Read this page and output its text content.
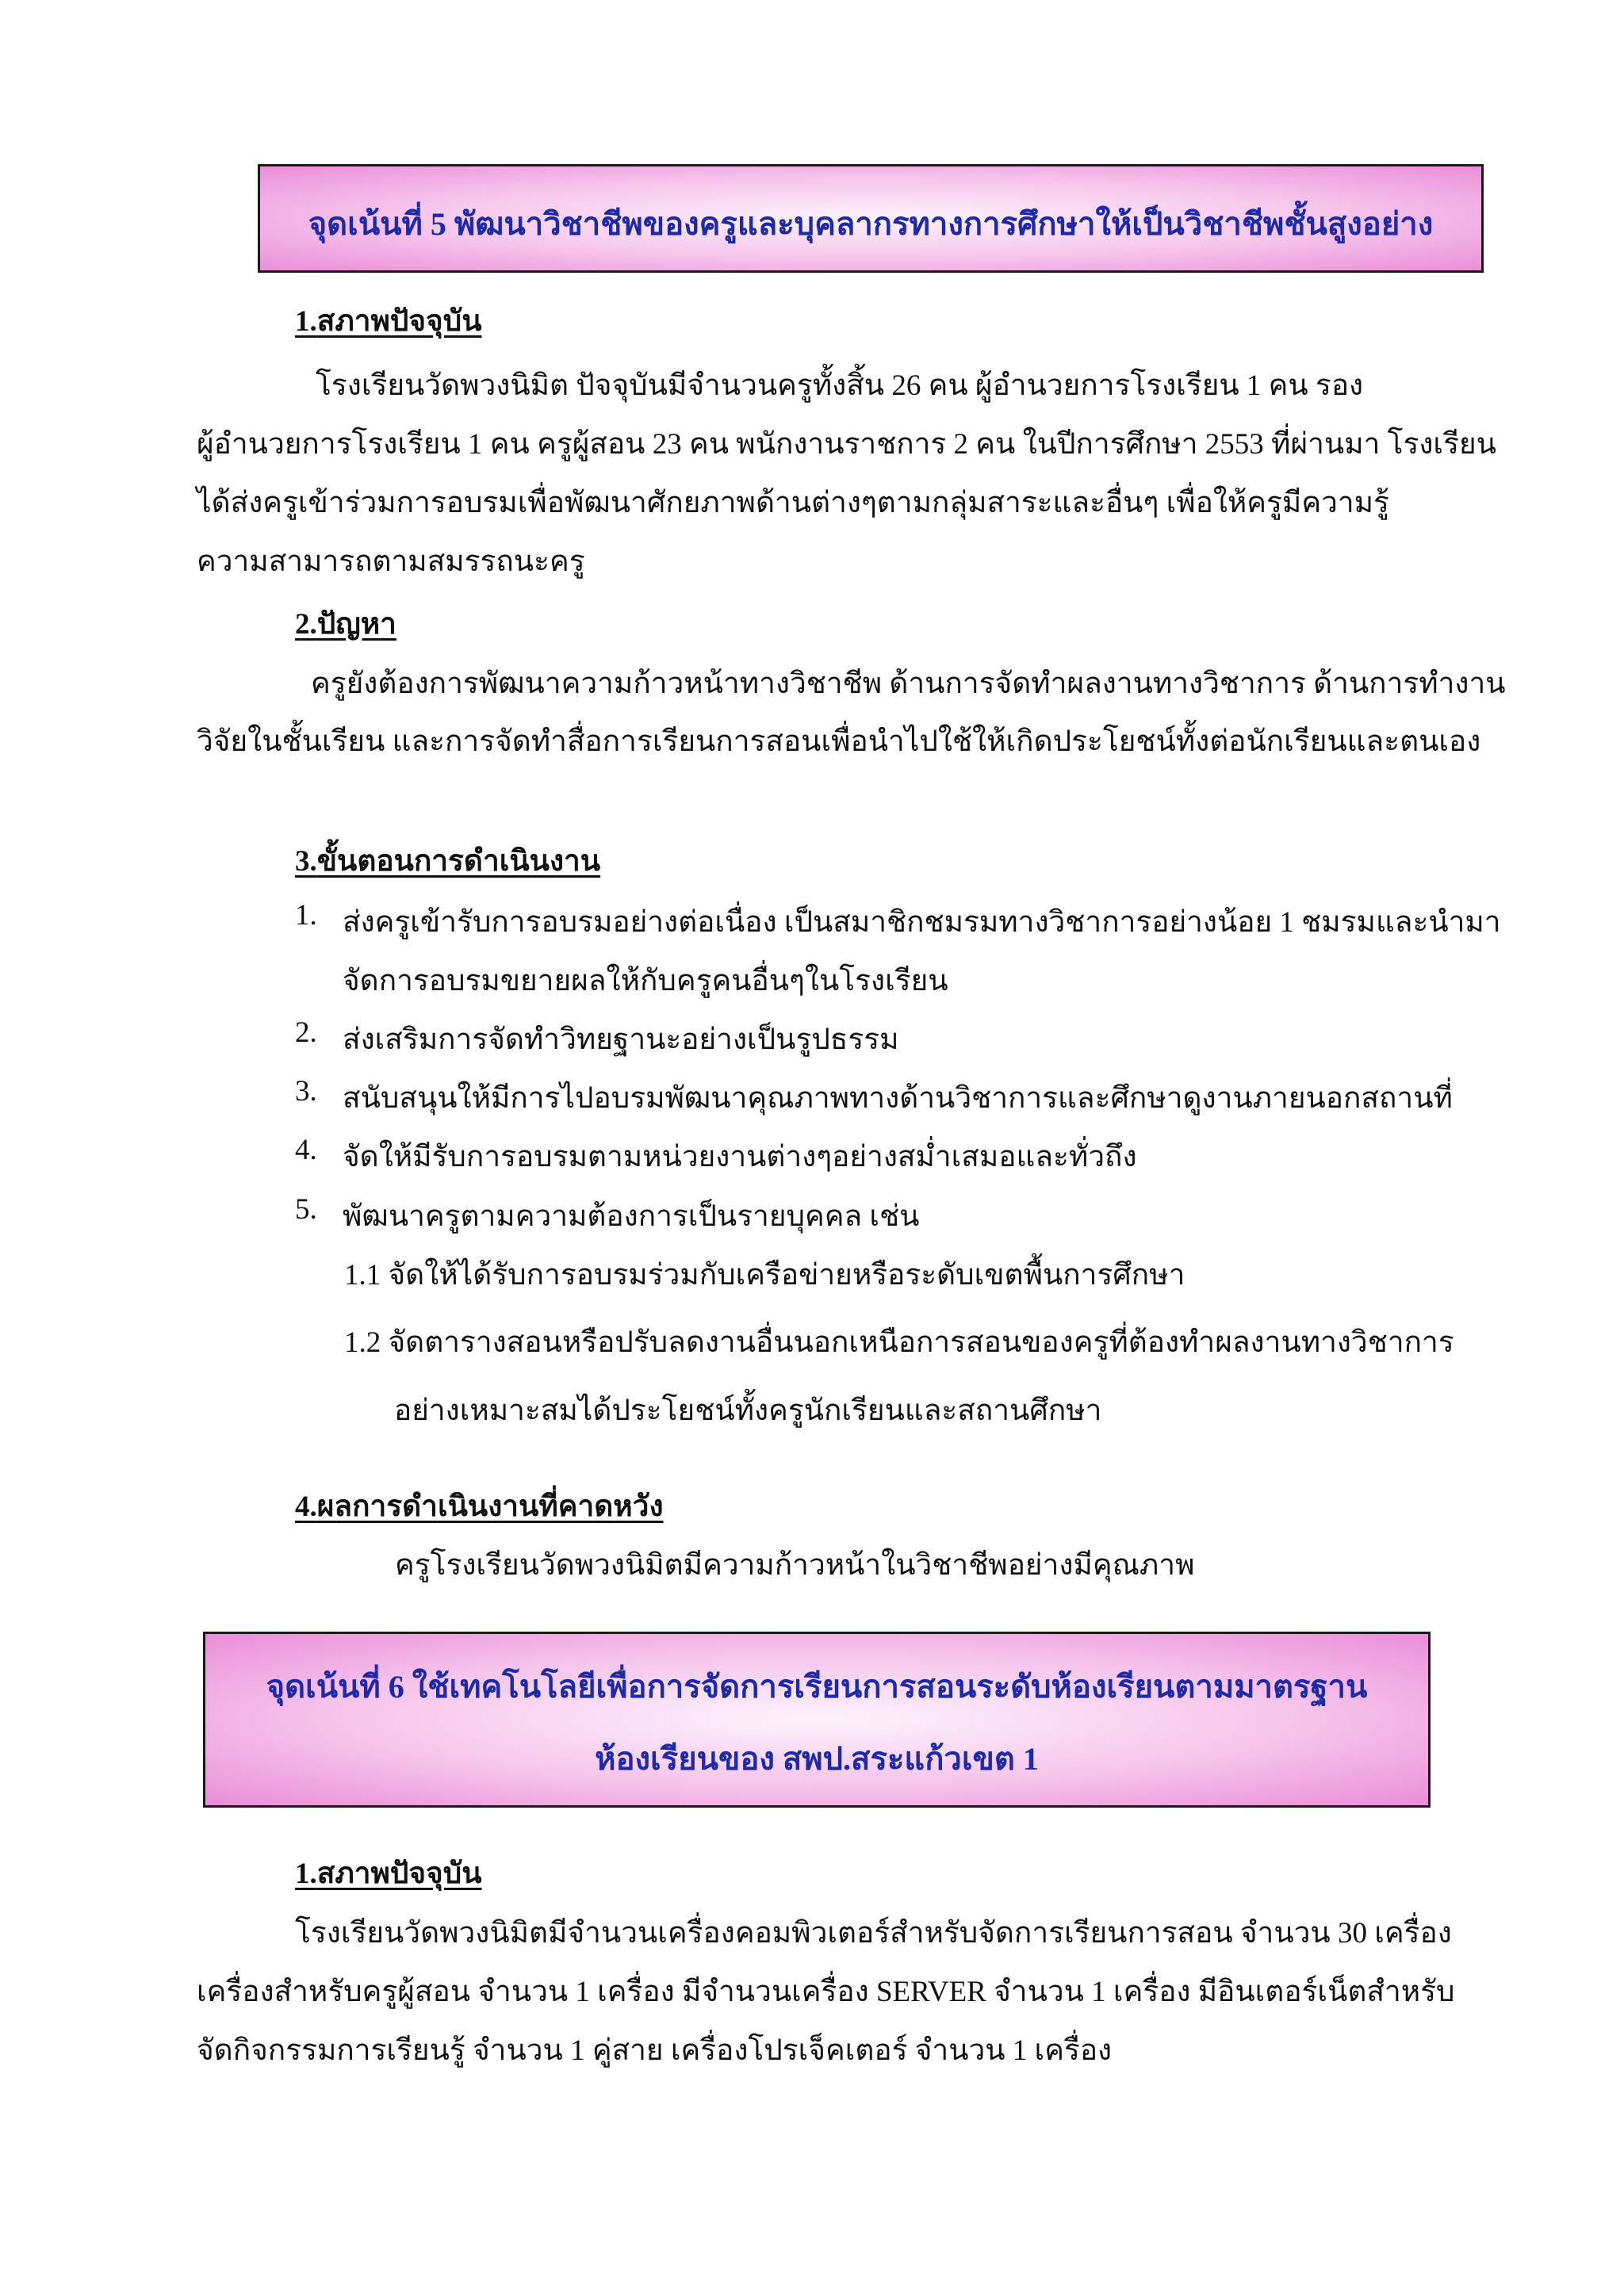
จุดเน้นที่ 5 พัฒนาวิชาชีพของครูและบุคลากรทางการศึกษาให้เป็นวิชาชีพชั้นสูงอย่าง
1.สภาพปัจจุบัน
โรงเรียนวัดพวงนิมิต ปัจจุบันมีจำนวนครูทั้งสิ้น 26 คน ผู้อำนวยการโรงเรียน 1 คน รอง
ผู้อำนวยการโรงเรียน 1 คน ครูผู้สอน 23 คน พนักงานราชการ 2 คน ในปีการศึกษา 2553 ที่ผ่านมา โรงเรียน
ได้ส่งครูเข้าร่วมการอบรมเพื่อพัฒนาศักยภาพด้านต่างๆตามกลุ่มสาระและอื่นๆ เพื่อให้ครูมีความรู้
ความสามารถตามสมรรถนะครู
2.ปัญหา
ครูยังต้องการพัฒนาความก้าวหน้าทางวิชาชีพ ด้านการจัดทำผลงานทางวิชาการ ด้านการทำงาน
วิจัยในชั้นเรียน และการจัดทำสื่อการเรียนการสอนเพื่อนำไปใช้ให้เกิดประโยชน์ทั้งต่อนักเรียนและตนเอง
3.ขั้นตอนการดำเนินงาน
1. ส่งครูเข้ารับการอบรมอย่างต่อเนื่อง เป็นสมาชิกชมรมทางวิชาการอย่างน้อย 1 ชมรมและนำมา
จัดการอบรมขยายผลให้กับครูคนอื่นๆในโรงเรียน
2. ส่งเสริมการจัดทำวิทยฐานะอย่างเป็นรูปธรรม
3. สนับสนุนให้มีการไปอบรมพัฒนาคุณภาพทางด้านวิชาการและศึกษาดูงานภายนอกสถานที่
4. จัดให้มีรับการอบรมตามหน่วยงานต่างๆอย่างสม่ำเสมอและทั่วถึง
5. พัฒนาครูตามความต้องการเป็นรายบุคคล เช่น
1.1 จัดให้ได้รับการอบรมร่วมกับเครือข่ายหรือระดับเขตพื้นการศึกษา
1.2 จัดตารางสอนหรือปรับลดงานอื่นนอกเหนือการสอนของครูที่ต้องทำผลงานทางวิชาการ
อย่างเหมาะสมได้ประโยชน์ทั้งครูนักเรียนและสถานศึกษา
4.ผลการดำเนินงานที่คาดหวัง
ครูโรงเรียนวัดพวงนิมิตมีความก้าวหน้าในวิชาชีพอย่างมีคุณภาพ
จุดเน้นที่ 6 ใช้เทคโนโลยีเพื่อการจัดการเรียนการสอนระดับห้องเรียนตามมาตรฐาน
ห้องเรียนของ สพป.สระแก้วเขต 1
1.สภาพปัจจุบัน
โรงเรียนวัดพวงนิมิตมีจำนวนเครื่องคอมพิวเตอร์สำหรับจัดการเรียนการสอน จำนวน 30 เครื่อง
เครื่องสำหรับครูผู้สอน จำนวน 1 เครื่อง มีจำนวนเครื่อง SERVER จำนวน 1 เครื่อง มีอินเตอร์เน็ตสำหรับ
จัดกิจกรรมการเรียนรู้ จำนวน 1 คู่สาย เครื่องโปรเจ็คเตอร์ จำนวน 1 เครื่อง
